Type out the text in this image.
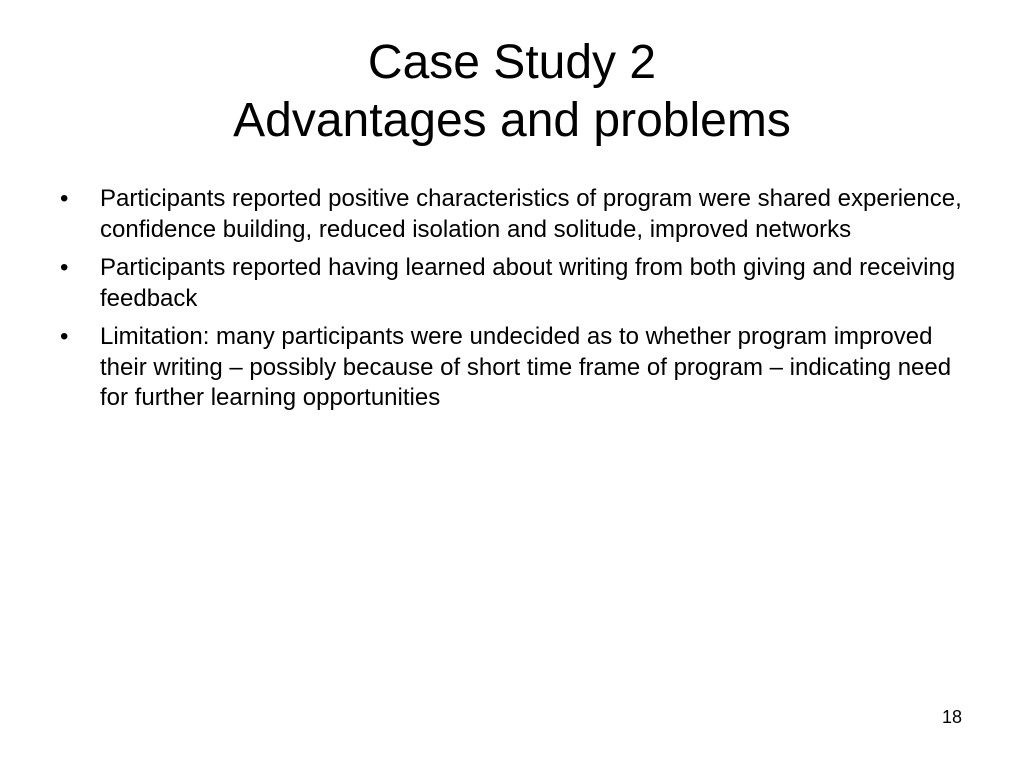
Case Study 2
Advantages and problems
• Participants reported positive characteristics of program were shared experience, confidence building, reduced isolation and solitude, improved networks
• Participants reported having learned about writing from both giving and receiving feedback
• Limitation: many participants were undecided as to whether program improved their writing – possibly because of short time frame of program – indicating need for further learning opportunities
18
